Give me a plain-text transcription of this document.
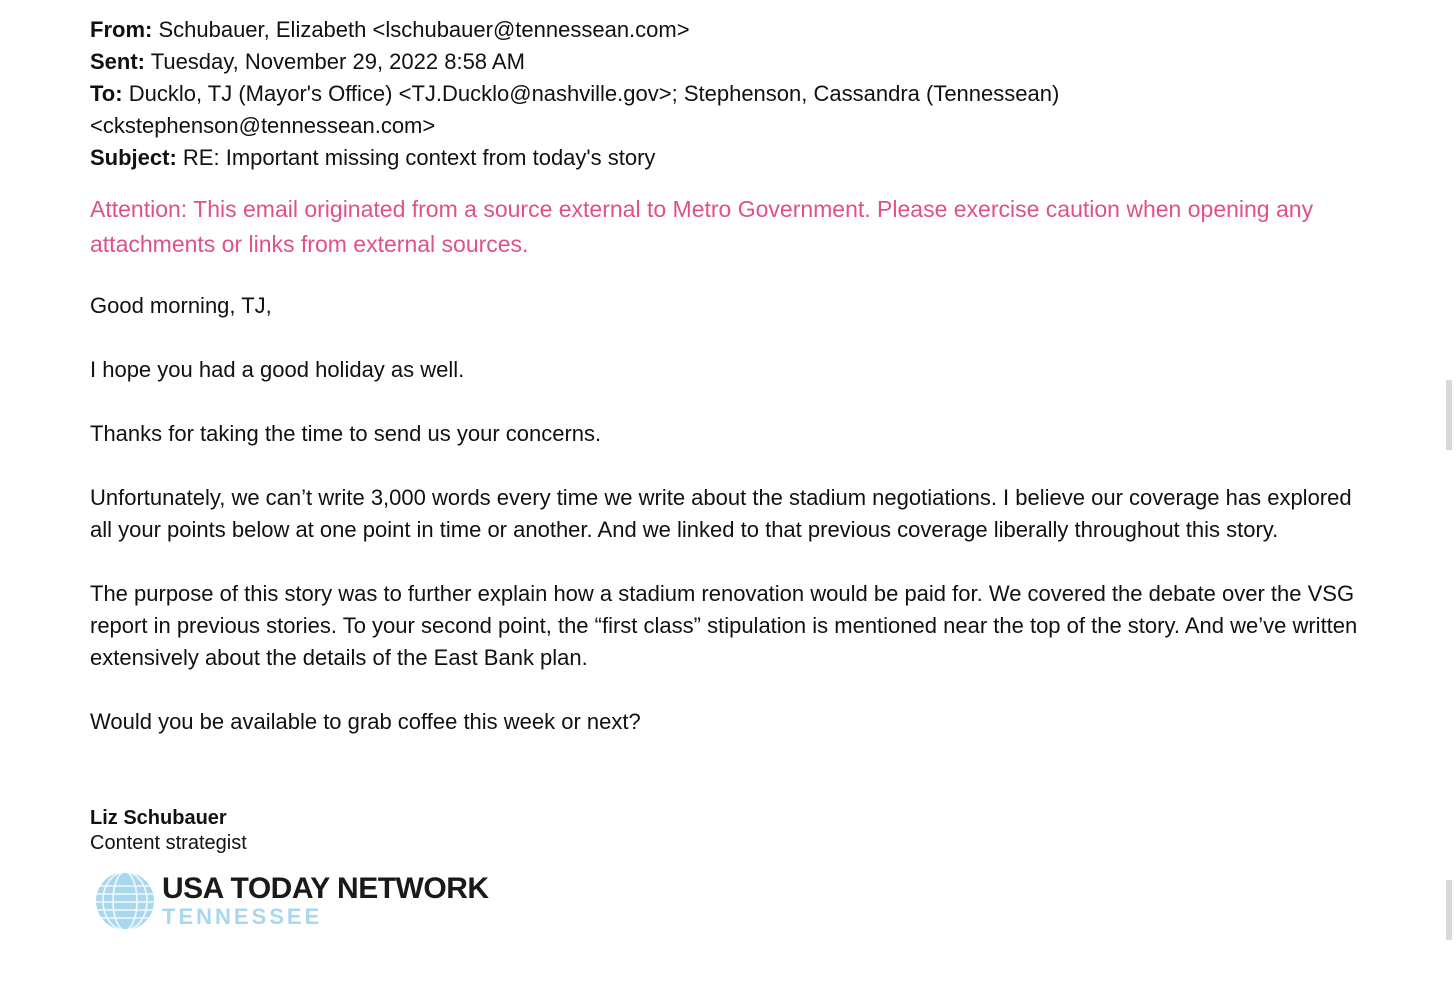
From: Schubauer, Elizabeth <lschubauer@tennessean.com>
Sent: Tuesday, November 29, 2022 8:58 AM
To: Ducklo, TJ (Mayor's Office) <TJ.Ducklo@nashville.gov>; Stephenson, Cassandra (Tennessean)
<ckstephenson@tennessean.com>
Subject: RE: Important missing context from today's story
Attention: This email originated from a source external to Metro Government. Please exercise caution when opening any attachments or links from external sources.
Good morning, TJ,
I hope you had a good holiday as well.
Thanks for taking the time to send us your concerns.
Unfortunately, we can’t write 3,000 words every time we write about the stadium negotiations. I believe our coverage has explored all your points below at one point in time or another. And we linked to that previous coverage liberally throughout this story.
The purpose of this story was to further explain how a stadium renovation would be paid for. We covered the debate over the VSG report in previous stories. To your second point, the “first class” stipulation is mentioned near the top of the story. And we’ve written extensively about the details of the East Bank plan.
Would you be available to grab coffee this week or next?
Liz Schubauer
Content strategist
USA TODAY NETWORK
TENNESSEE
